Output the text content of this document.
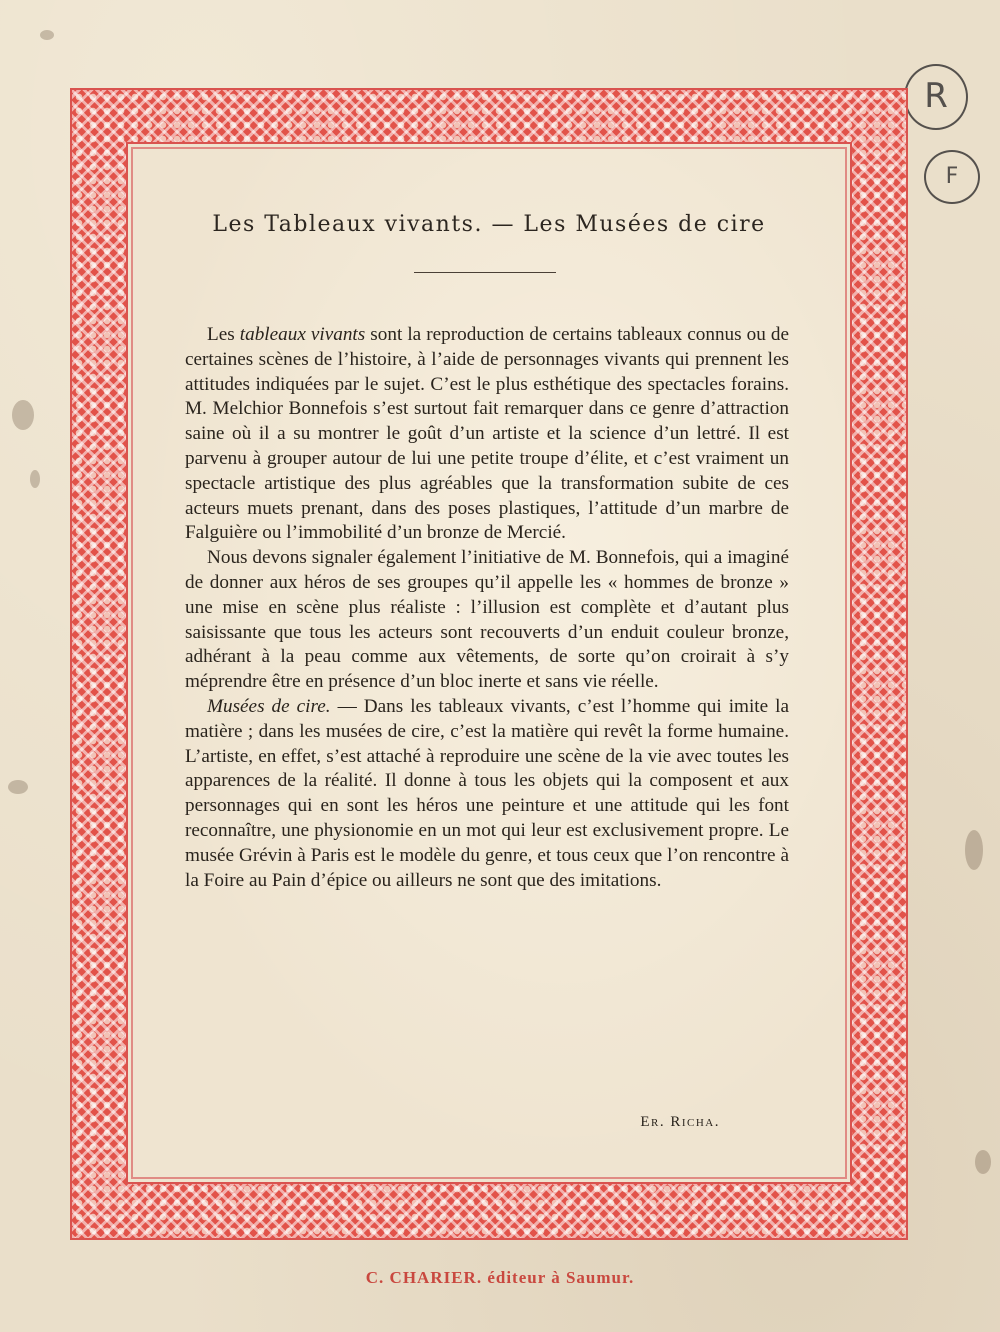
R
F
Les Tableaux vivants. — Les Musées de cire

Les tableaux vivants sont la reproduction de certains tableaux connus ou de certaines scènes de l’histoire, à l’aide de personnages vivants qui prennent les attitudes indiquées par le sujet. C’est le plus esthétique des spectacles forains. M. Melchior Bonnefois s’est surtout fait remarquer dans ce genre d’attraction saine où il a su montrer le goût d’un artiste et la science d’un lettré. Il est parvenu à grouper autour de lui une petite troupe d’élite, et c’est vraiment un spectacle artistique des plus agréables que la transformation subite de ces acteurs muets prenant, dans des poses plastiques, l’attitude d’un marbre de Falguière ou l’immobilité d’un bronze de Mercié.

Nous devons signaler également l’initiative de M. Bonnefois, qui a imaginé de donner aux héros de ses groupes qu’il appelle les « hommes de bronze » une mise en scène plus réaliste : l’illusion est complète et d’autant plus saisissante que tous les acteurs sont recouverts d’un enduit couleur bronze, adhérant à la peau comme aux vêtements, de sorte qu’on croirait à s’y méprendre être en présence d’un bloc inerte et sans vie réelle.

Musées de cire. — Dans les tableaux vivants, c’est l’homme qui imite la matière ; dans les musées de cire, c’est la matière qui revêt la forme humaine. L’artiste, en effet, s’est attaché à reproduire une scène de la vie avec toutes les apparences de la réalité. Il donne à tous les objets qui la composent et aux personnages qui en sont les héros une peinture et une attitude qui les font reconnaître, une physionomie en un mot qui leur est exclusivement propre. Le musée Grévin à Paris est le modèle du genre, et tous ceux que l’on rencontre à la Foire au Pain d’épice ou ailleurs ne sont que des imitations.

Er. Richa.
C. CHARIER. éditeur à Saumur.
